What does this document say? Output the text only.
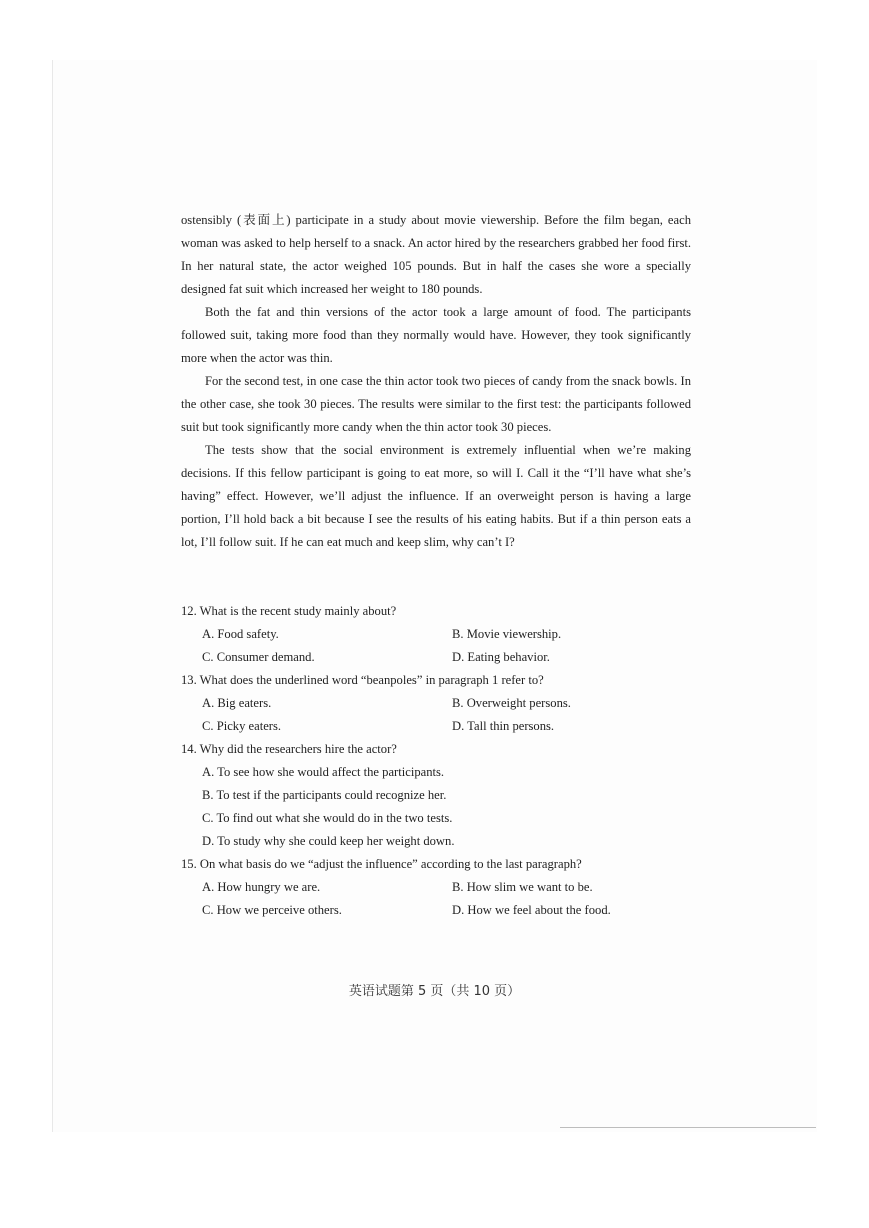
ostensibly (表面上) participate in a study about movie viewership. Before the film began, each woman was asked to help herself to a snack. An actor hired by the researchers grabbed her food first. In her natural state, the actor weighed 105 pounds. But in half the cases she wore a specially designed fat suit which increased her weight to 180 pounds.

Both the fat and thin versions of the actor took a large amount of food. The participants followed suit, taking more food than they normally would have. However, they took significantly more when the actor was thin.

For the second test, in one case the thin actor took two pieces of candy from the snack bowls. In the other case, she took 30 pieces. The results were similar to the first test: the participants followed suit but took significantly more candy when the thin actor took 30 pieces.

The tests show that the social environment is extremely influential when we’re making decisions. If this fellow participant is going to eat more, so will I. Call it the “I’ll have what she’s having” effect. However, we’ll adjust the influence. If an overweight person is having a large portion, I’ll hold back a bit because I see the results of his eating habits. But if a thin person eats a lot, I’ll follow suit. If he can eat much and keep slim, why can’t I?

12. What is the recent study mainly about?
A. Food safety.	B. Movie viewership.
C. Consumer demand.	D. Eating behavior.
13. What does the underlined word “beanpoles” in paragraph 1 refer to?
A. Big eaters.	B. Overweight persons.
C. Picky eaters.	D. Tall thin persons.
14. Why did the researchers hire the actor?
A. To see how she would affect the participants.
B. To test if the participants could recognize her.
C. To find out what she would do in the two tests.
D. To study why she could keep her weight down.
15. On what basis do we “adjust the influence” according to the last paragraph?
A. How hungry we are.	B. How slim we want to be.
C. How we perceive others.	D. How we feel about the food.
英语试题第 5 页（共 10 页）
